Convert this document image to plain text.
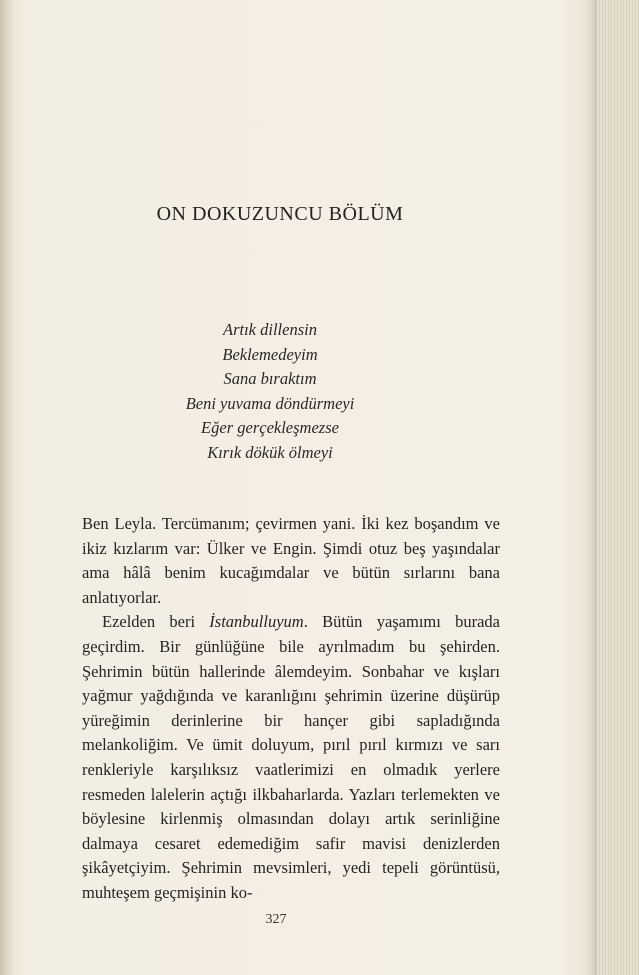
ON DOKUZUNCU BÖLÜM
Artık dillensin
Beklemedeyim
Sana bıraktım
Beni yuvama döndürmeyi
Eğer gerçekleşmezse
Kırık dökük ölmeyi

Ben Leyla. Tercümanım; çevirmen yani. İki kez boşandım ve ikiz kızlarım var: Ülker ve Engin. Şimdi otuz beş yaşındalar ama hâlâ benim kucağımdalar ve bütün sırlarını bana anlatıyorlar.

Ezelden beri İstanbulluyum. Bütün yaşamımı burada geçirdim. Bir günlüğüne bile ayrılmadım bu şehirden. Şehrimin bütün hallerinde âlemdeyim. Sonbahar ve kışları yağmur yağdığında ve karanlığını şehrimin üzerine düşürüp yüreğimin derinlerine bir hançer gibi sapladığında melankoliğim. Ve ümit doluyum, pırıl pırıl kırmızı ve sarı renkleriyle karşılıksız vaatlerimizi en olmadık yerlere resmeden lalelerin açtığı ilkbaharlarda. Yazları terlemekten ve böylesine kirlenmiş olmasından dolayı artık serinliğine dalmaya cesaret edemediğim safir mavisi denizlerden şikâyetçiyim. Şehrimin mevsimleri, yedi tepeli görüntüsü, muhteşem geçmişinin ko-

327
